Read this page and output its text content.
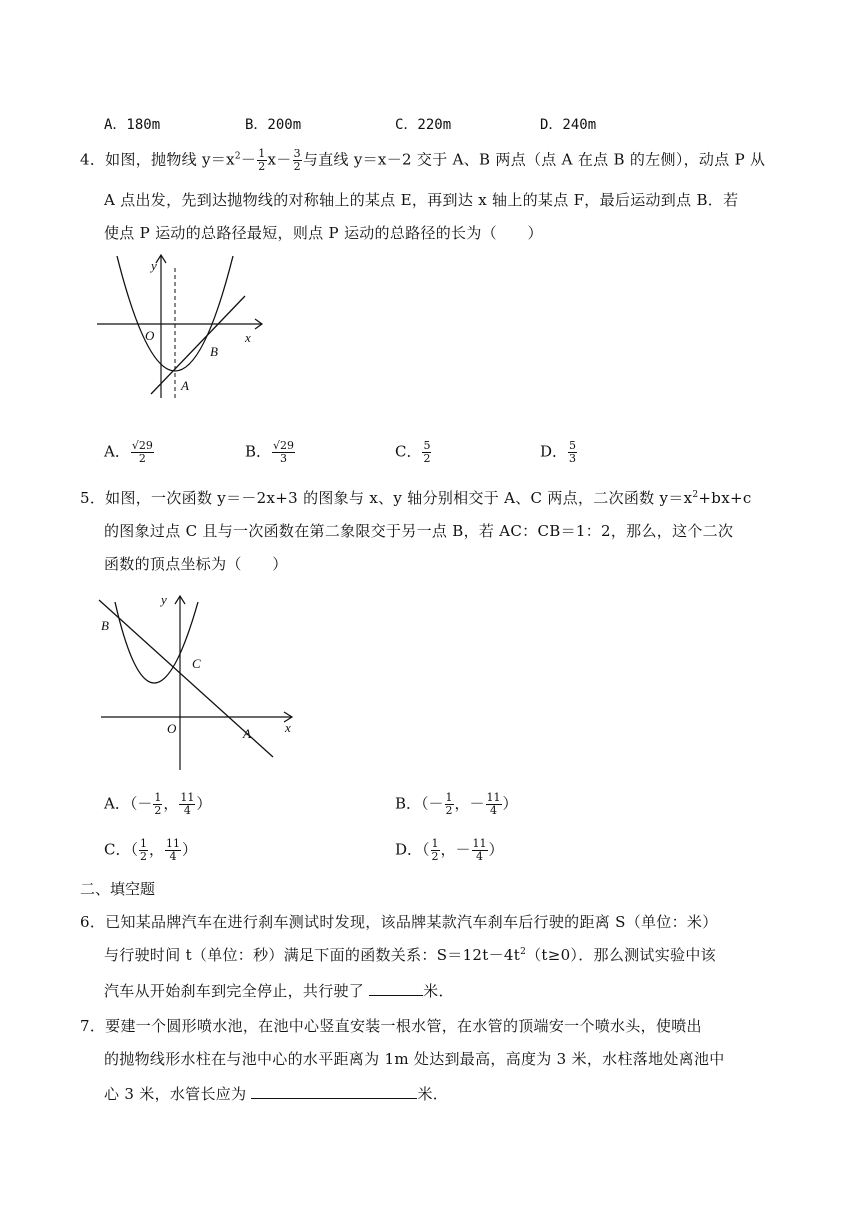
A．180m	B．200m	C．220m	D．240m
4．如图，抛物线 $y=x^2- \frac{1}{2} x- \frac{3}{2}$ 与直线 y＝x－2 交于 A、B 两点（点 A 在点 B 的左侧），动点 P 从
A 点出发，先到达抛物线的对称轴上的某点 E，再到达 x 轴上的某点 F，最后运动到点 B．若
使点 P 运动的总路径最短，则点 P 运动的总路径的长为（　　）
y
x
O
A
B
A． $\frac{√29}{2}$	B． $\frac{√29}{3}$	C． $\frac{5}{2}$	D． $\frac{5}{3}$
5．如图，一次函数 y＝－2x+3 的图象与 x、y 轴分别相交于 A、C 两点，二次函数 $y=x^2+bx+c$
的图象过点 C 且与一次函数在第二象限交于另一点 B，若 AC：CB＝1：2，那么，这个二次
函数的顶点坐标为（　　）
y
x
O	A
B
C
A．（－ $\frac{1}{2}$ ， $\frac{11}{4}$ ）	B．（－ $\frac{1}{2}$ ，－ $\frac{11}{4}$ ）
C．（ $\frac{1}{2}$ ， $\frac{11}{4}$ ）	D．（ $\frac{1}{2}$ ，－ $\frac{11}{4}$ ）
二、填空题
6．已知某品牌汽车在进行刹车测试时发现，该品牌某款汽车刹车后行驶的距离 S（单位：米）
与行驶时间 t（单位：秒）满足下面的函数关系：$S=12t-4t^2(t\ge 0)$．那么测试实验中该
汽车从开始刹车到完全停止，共行驶了	米．
7．要建一个圆形喷水池，在池中心竖直安装一根水管，在水管的顶端安一个喷水头，使喷出
的抛物线形水柱在与池中心的水平距离为 1m 处达到最高，高度为 3 米，水柱落地处离池中
心 3 米，水管长应为	米．
